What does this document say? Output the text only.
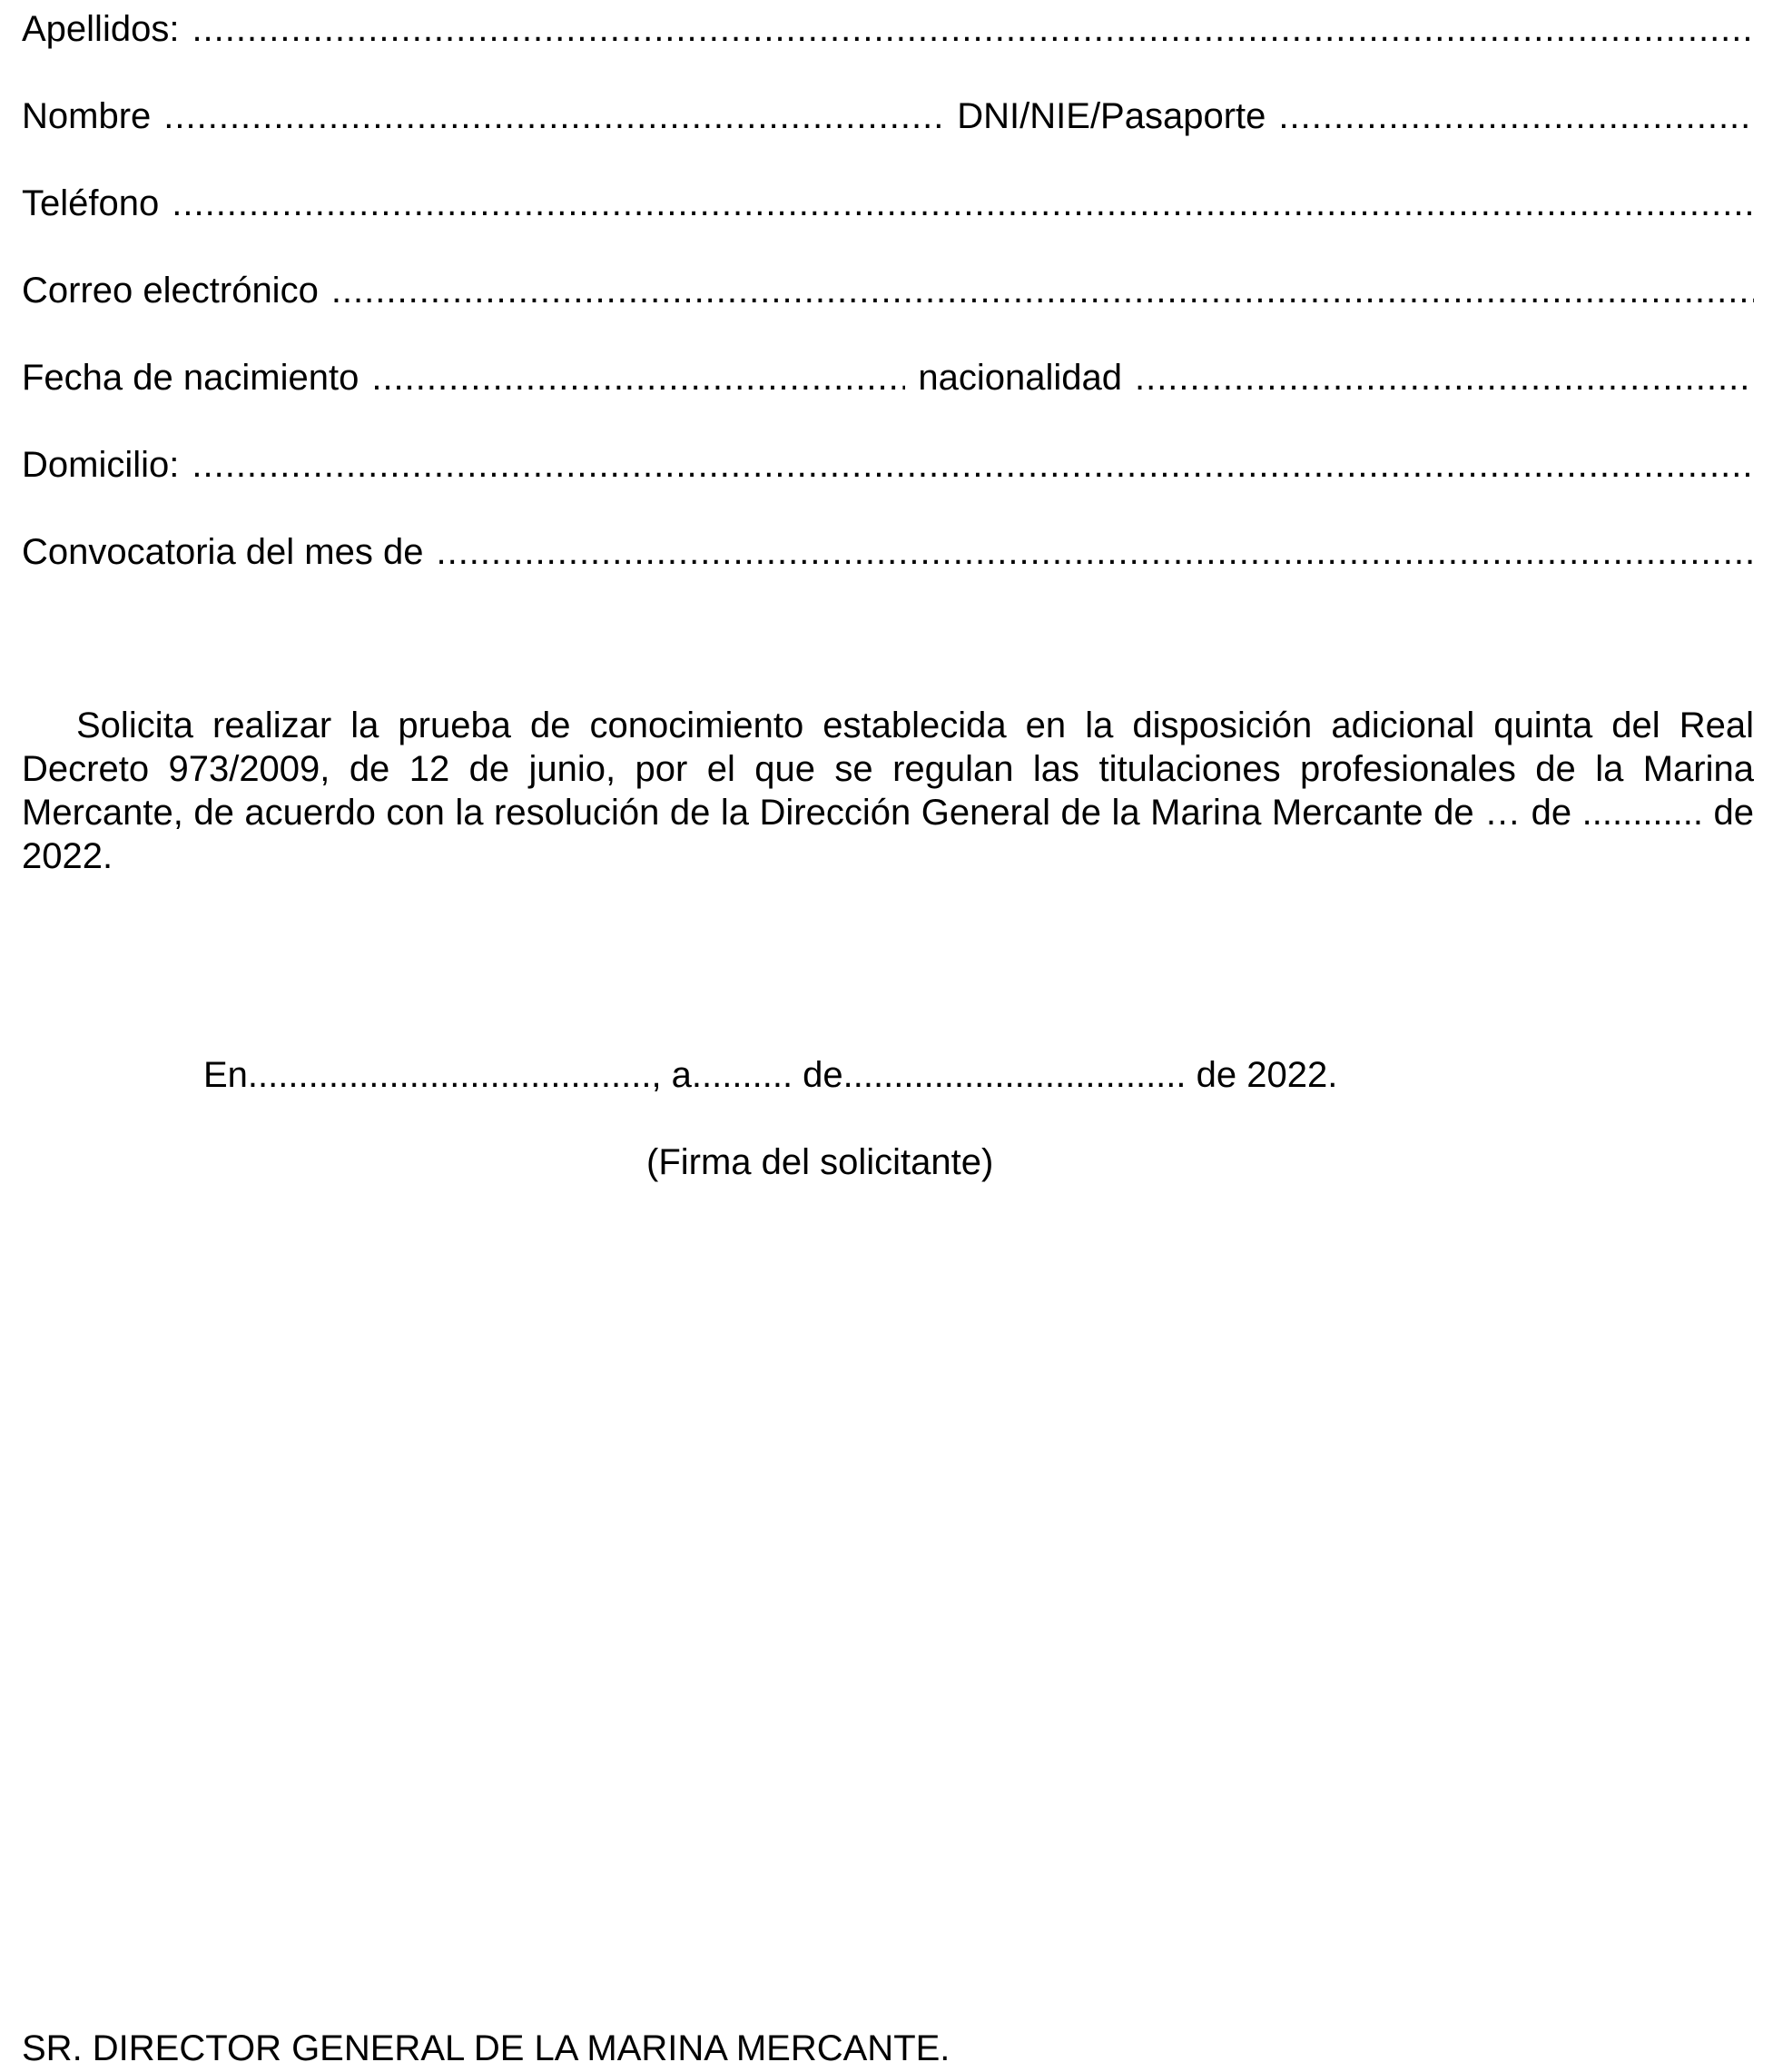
Apellidos:
.....
Nombre .....	DNI/NIE/Pasaporte
.....
Teléfono
.....
Correo electrónico
.....
Fecha de nacimiento .....	nacionalidad
.....
Domicilio:
.....
Convocatoria del mes de
.....

Solicita realizar la prueba de conocimiento establecida en la disposición adicional quinta del Real Decreto 973/2009, de 12 de junio, por el que se regulan las titulaciones profesionales de la Marina Mercante, de acuerdo con la resolución de la Dirección General de la Marina Mercante de … de ............ de 2022.

En........................................, a.......... de.................................. de 2022.
(Firma del solicitante)
SR. DIRECTOR GENERAL DE LA MARINA MERCANTE.
